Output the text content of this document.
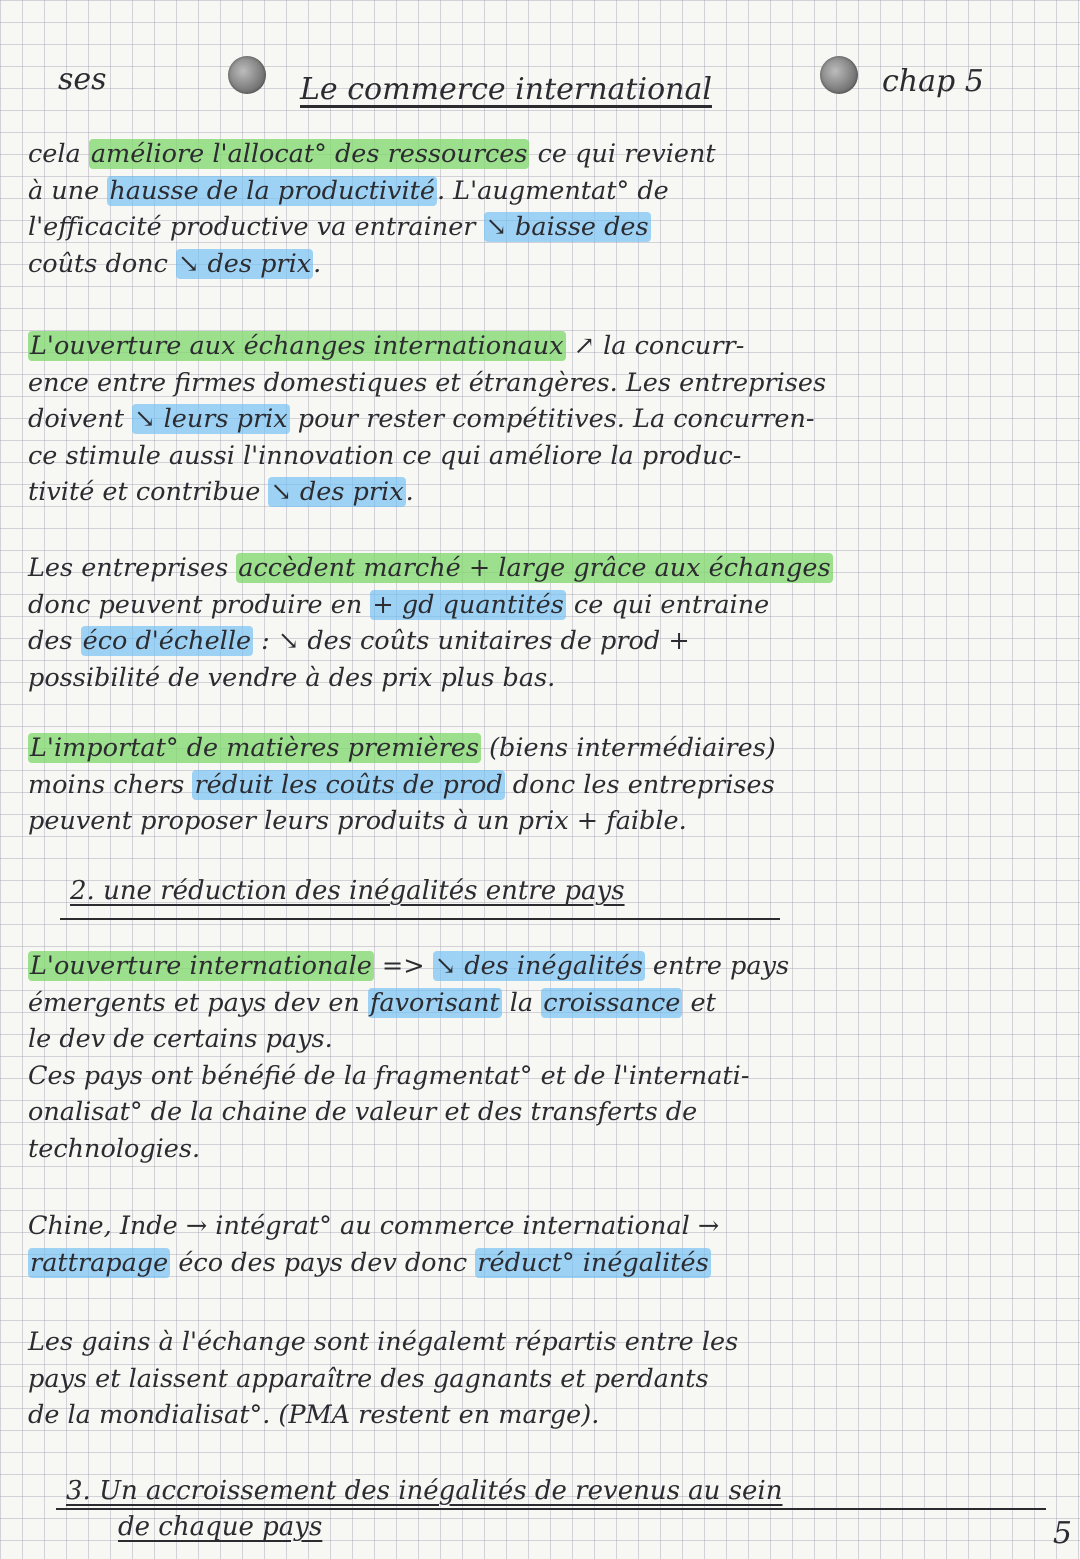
ses	Le commerce international	chap 5
cela améliore l'allocat° des ressources ce qui revient
à une hausse de la productivité. L'augmentat° de
l'efficacité productive va entrainer ↘ baisse des
coûts donc ↘ des prix.
L'ouverture aux échanges internationaux ↗ la concurr-
ence entre firmes domestiques et étrangères. Les entreprises
doivent ↘ leurs prix pour rester compétitives. La concurren-
ce stimule aussi l'innovation ce qui améliore la produc-
tivité et contribue ↘ des prix.
Les entreprises accèdent marché + large grâce aux échanges
donc peuvent produire en + gd quantités ce qui entraine
des éco d'échelle : ↘ des coûts unitaires de prod +
possibilité de vendre à des prix plus bas.
L'importat° de matières premières (biens intermédiaires)
moins chers réduit les coûts de prod donc les entreprises
peuvent proposer leurs produits à un prix + faible.
2. une réduction des inégalités entre pays
L'ouverture internationale => ↘ des inégalités entre pays
émergents et pays dev en favorisant la croissance et
le dev de certains pays.
Ces pays ont bénéfié de la fragmentat° et de l'internati-
onalisat° de la chaine de valeur et des transferts de
technologies.
Chine, Inde → intégrat° au commerce international →
rattrapage éco des pays dev donc réduct° inégalités
Les gains à l'échange sont inégalemt répartis entre les
pays et laissent apparaître des gagnants et perdants
de la mondialisat°. (PMA restent en marge).
3. Un accroissement des inégalités de revenus au sein
de chaque pays	5
